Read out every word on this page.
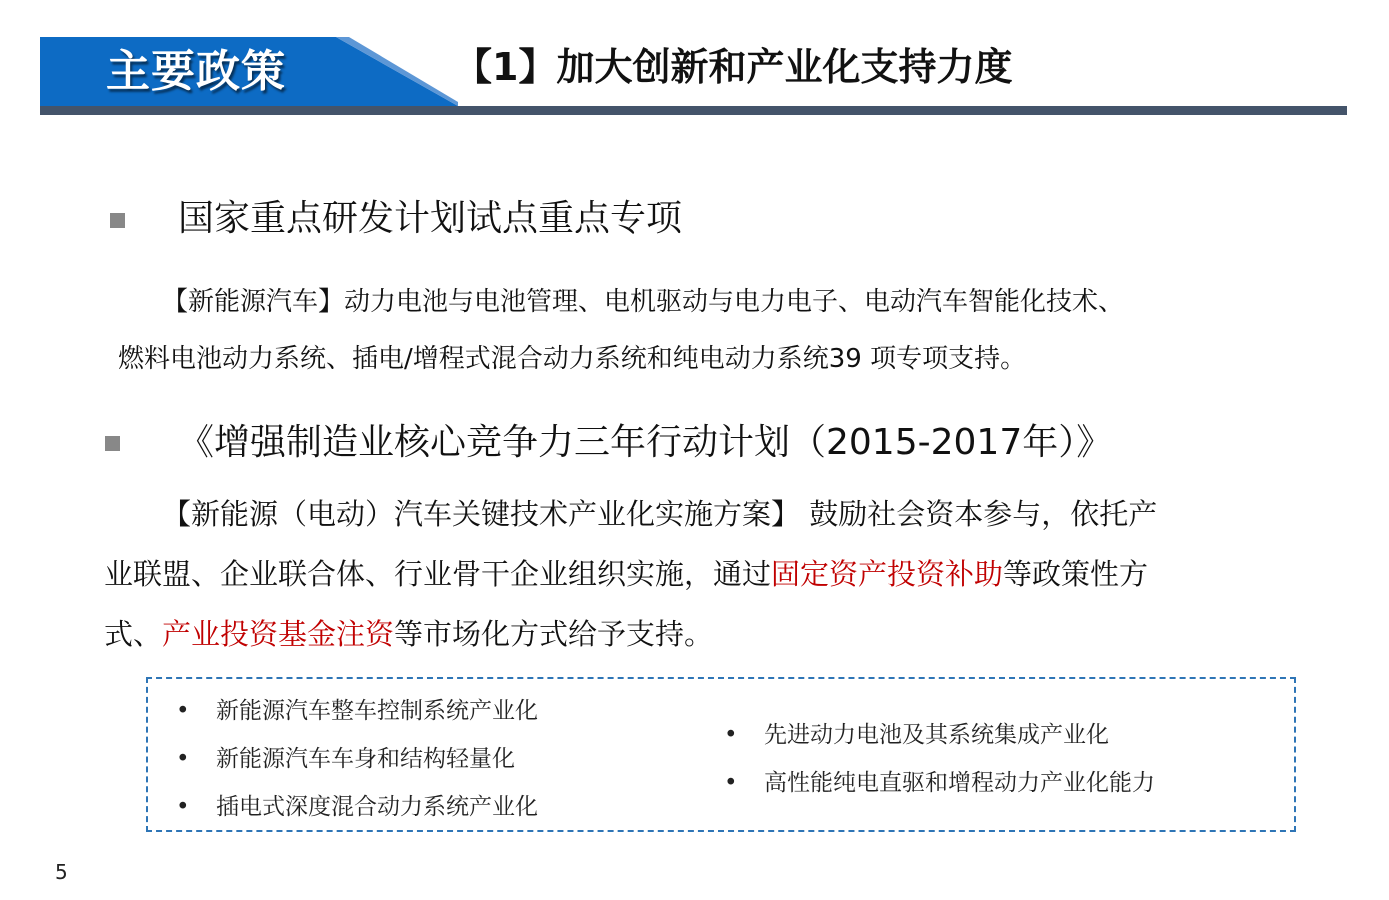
主要政策	【1】加大创新和产业化支持力度
国家重点研发计划试点重点专项
【新能源汽车】动力电池与电池管理、电机驱动与电力电子、电动汽车智能化技术、
燃料电池动力系统、插电/增程式混合动力系统和纯电动力系统39 项专项支持。
《增强制造业核心竞争力三年行动计划（2015-2017年）》
【新能源（电动）汽车关键技术产业化实施方案】 鼓励社会资本参与，依托产
业联盟、企业联合体、行业骨干企业组织实施，通过固定资产投资补助等政策性方
式、产业投资基金注资等市场化方式给予支持。
• 新能源汽车整车控制系统产业化
• 新能源汽车车身和结构轻量化
• 插电式深度混合动力系统产业化
• 先进动力电池及其系统集成产业化
• 高性能纯电直驱和增程动力产业化能力
5
